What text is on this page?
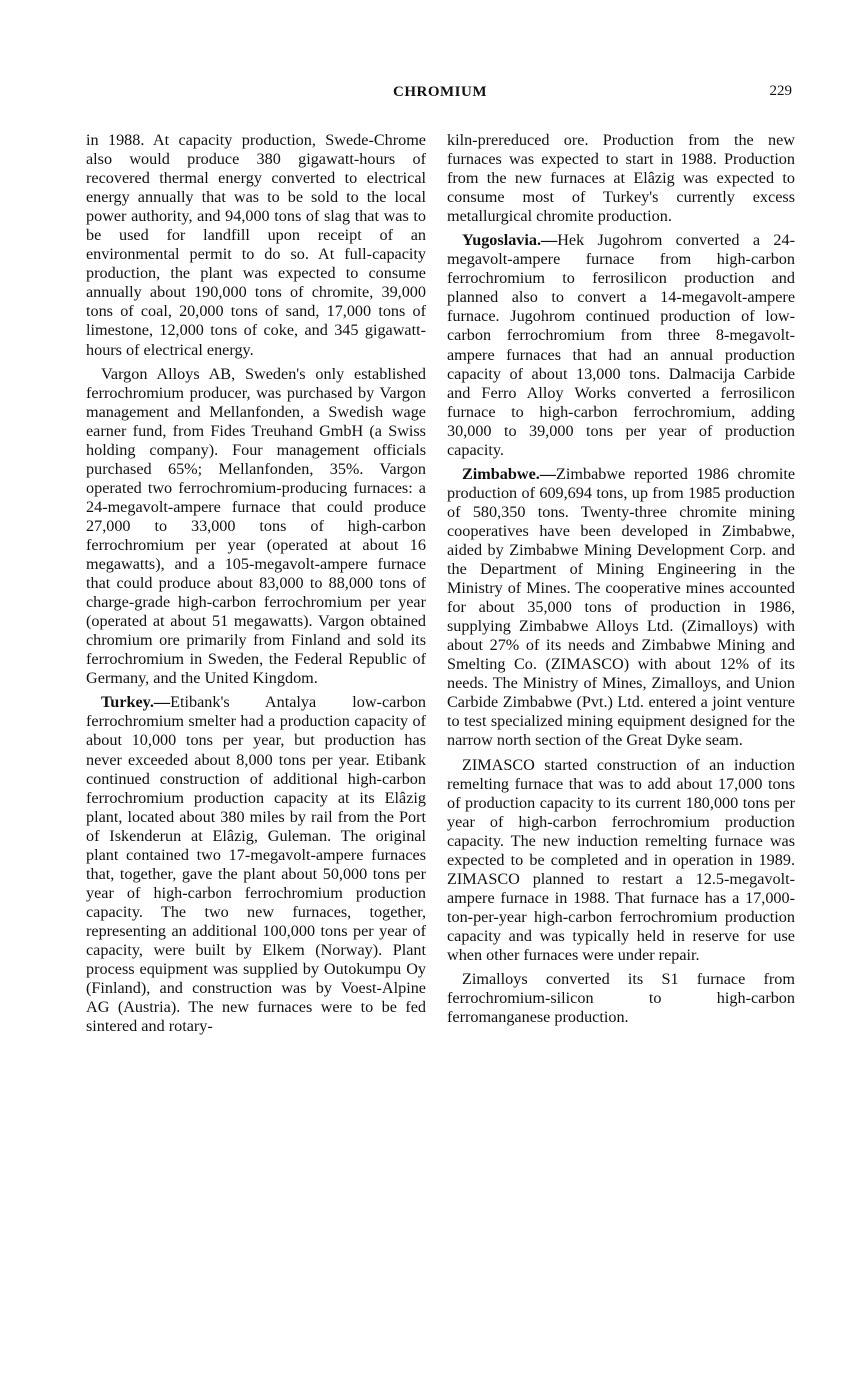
CHROMIUM	229

in 1988. At capacity production, Swede-Chrome also would produce 380 gigawatt-hours of recovered thermal energy converted to electrical energy annually that was to be sold to the local power authority, and 94,000 tons of slag that was to be used for landfill upon receipt of an environmental permit to do so. At full-capacity production, the plant was expected to consume annually about 190,000 tons of chromite, 39,000 tons of coal, 20,000 tons of sand, 17,000 tons of limestone, 12,000 tons of coke, and 345 gigawatt-hours of electrical energy.

Vargon Alloys AB, Sweden's only established ferrochromium producer, was purchased by Vargon management and Mellanfonden, a Swedish wage earner fund, from Fides Treuhand GmbH (a Swiss holding company). Four management officials purchased 65%; Mellanfonden, 35%. Vargon operated two ferrochromium-producing furnaces: a 24-megavolt-ampere furnace that could produce 27,000 to 33,000 tons of high-carbon ferrochromium per year (operated at about 16 megawatts), and a 105-megavolt-ampere furnace that could produce about 83,000 to 88,000 tons of charge-grade high-carbon ferrochromium per year (operated at about 51 megawatts). Vargon obtained chromium ore primarily from Finland and sold its ferrochromium in Sweden, the Federal Republic of Germany, and the United Kingdom.

Turkey.—Etibank's Antalya low-carbon ferrochromium smelter had a production capacity of about 10,000 tons per year, but production has never exceeded about 8,000 tons per year. Etibank continued construction of additional high-carbon ferrochromium production capacity at its Elâzig plant, located about 380 miles by rail from the Port of Iskenderun at Elâzig, Guleman. The original plant contained two 17-megavolt-ampere furnaces that, together, gave the plant about 50,000 tons per year of high-carbon ferrochromium production capacity. The two new furnaces, together, representing an additional 100,000 tons per year of capacity, were built by Elkem (Norway). Plant process equipment was supplied by Outokumpu Oy (Finland), and construction was by Voest-Alpine AG (Austria). The new furnaces were to be fed sintered and rotary-

kiln-prereduced ore. Production from the new furnaces was expected to start in 1988. Production from the new furnaces at Elâzig was expected to consume most of Turkey's currently excess metallurgical chromite production.

Yugoslavia.—Hek Jugohrom converted a 24-megavolt-ampere furnace from high-carbon ferrochromium to ferrosilicon production and planned also to convert a 14-megavolt-ampere furnace. Jugohrom continued production of low-carbon ferrochromium from three 8-megavolt-ampere furnaces that had an annual production capacity of about 13,000 tons. Dalmacija Carbide and Ferro Alloy Works converted a ferrosilicon furnace to high-carbon ferrochromium, adding 30,000 to 39,000 tons per year of production capacity.

Zimbabwe.—Zimbabwe reported 1986 chromite production of 609,694 tons, up from 1985 production of 580,350 tons. Twenty-three chromite mining cooperatives have been developed in Zimbabwe, aided by Zimbabwe Mining Development Corp. and the Department of Mining Engineering in the Ministry of Mines. The cooperative mines accounted for about 35,000 tons of production in 1986, supplying Zimbabwe Alloys Ltd. (Zimalloys) with about 27% of its needs and Zimbabwe Mining and Smelting Co. (ZIMASCO) with about 12% of its needs. The Ministry of Mines, Zimalloys, and Union Carbide Zimbabwe (Pvt.) Ltd. entered a joint venture to test specialized mining equipment designed for the narrow north section of the Great Dyke seam.

ZIMASCO started construction of an induction remelting furnace that was to add about 17,000 tons of production capacity to its current 180,000 tons per year of high-carbon ferrochromium production capacity. The new induction remelting furnace was expected to be completed and in operation in 1989. ZIMASCO planned to restart a 12.5-megavolt-ampere furnace in 1988. That furnace has a 17,000-ton-per-year high-carbon ferrochromium production capacity and was typically held in reserve for use when other furnaces were under repair.

Zimalloys converted its S1 furnace from ferrochromium-silicon to high-carbon ferromanganese production.
